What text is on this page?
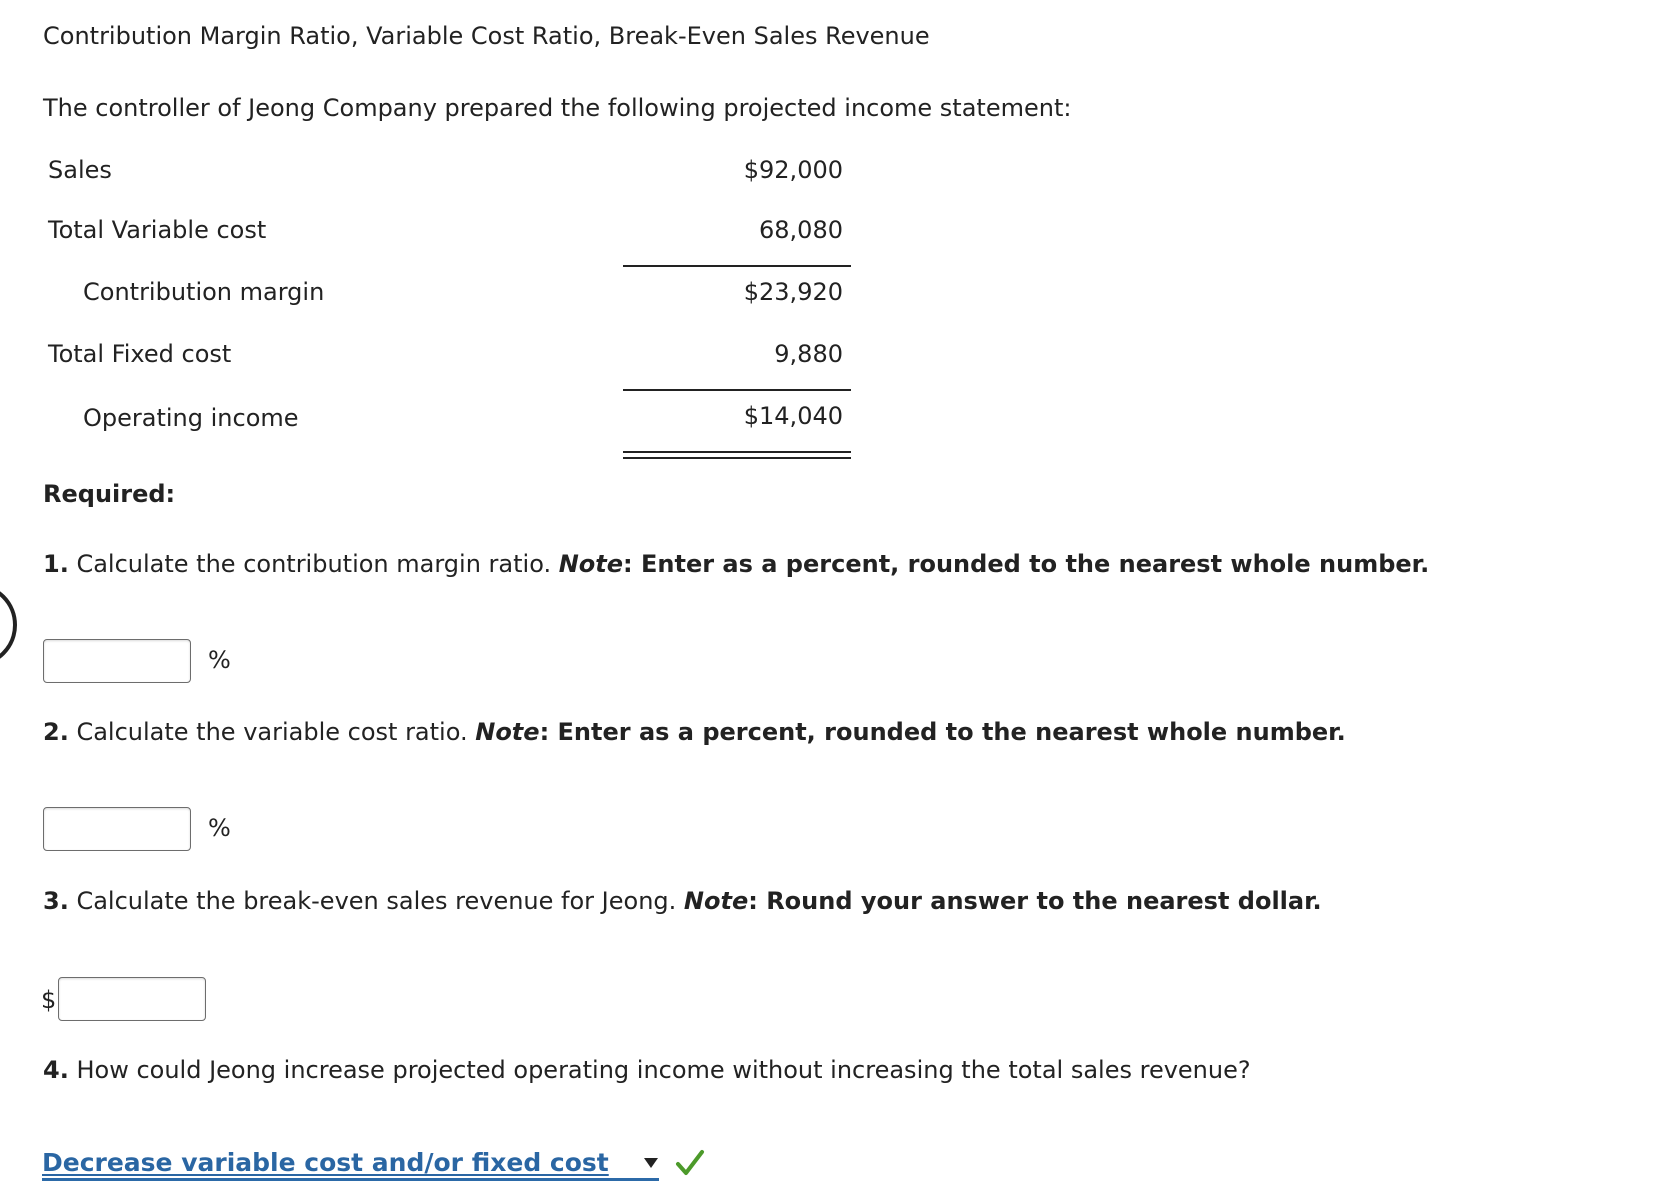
Contribution Margin Ratio, Variable Cost Ratio, Break-Even Sales Revenue
The controller of Jeong Company prepared the following projected income statement:
Sales	$92,000
Total Variable cost	68,080
Contribution margin	$23,920
Total Fixed cost	9,880
Operating income	$14,040
Required:
1. Calculate the contribution margin ratio. Note: Enter as a percent, rounded to the nearest whole number.
%
2. Calculate the variable cost ratio. Note: Enter as a percent, rounded to the nearest whole number.
%
3. Calculate the break-even sales revenue for Jeong. Note: Round your answer to the nearest dollar.
$
4. How could Jeong increase projected operating income without increasing the total sales revenue?
Decrease variable cost and/or fixed cost
